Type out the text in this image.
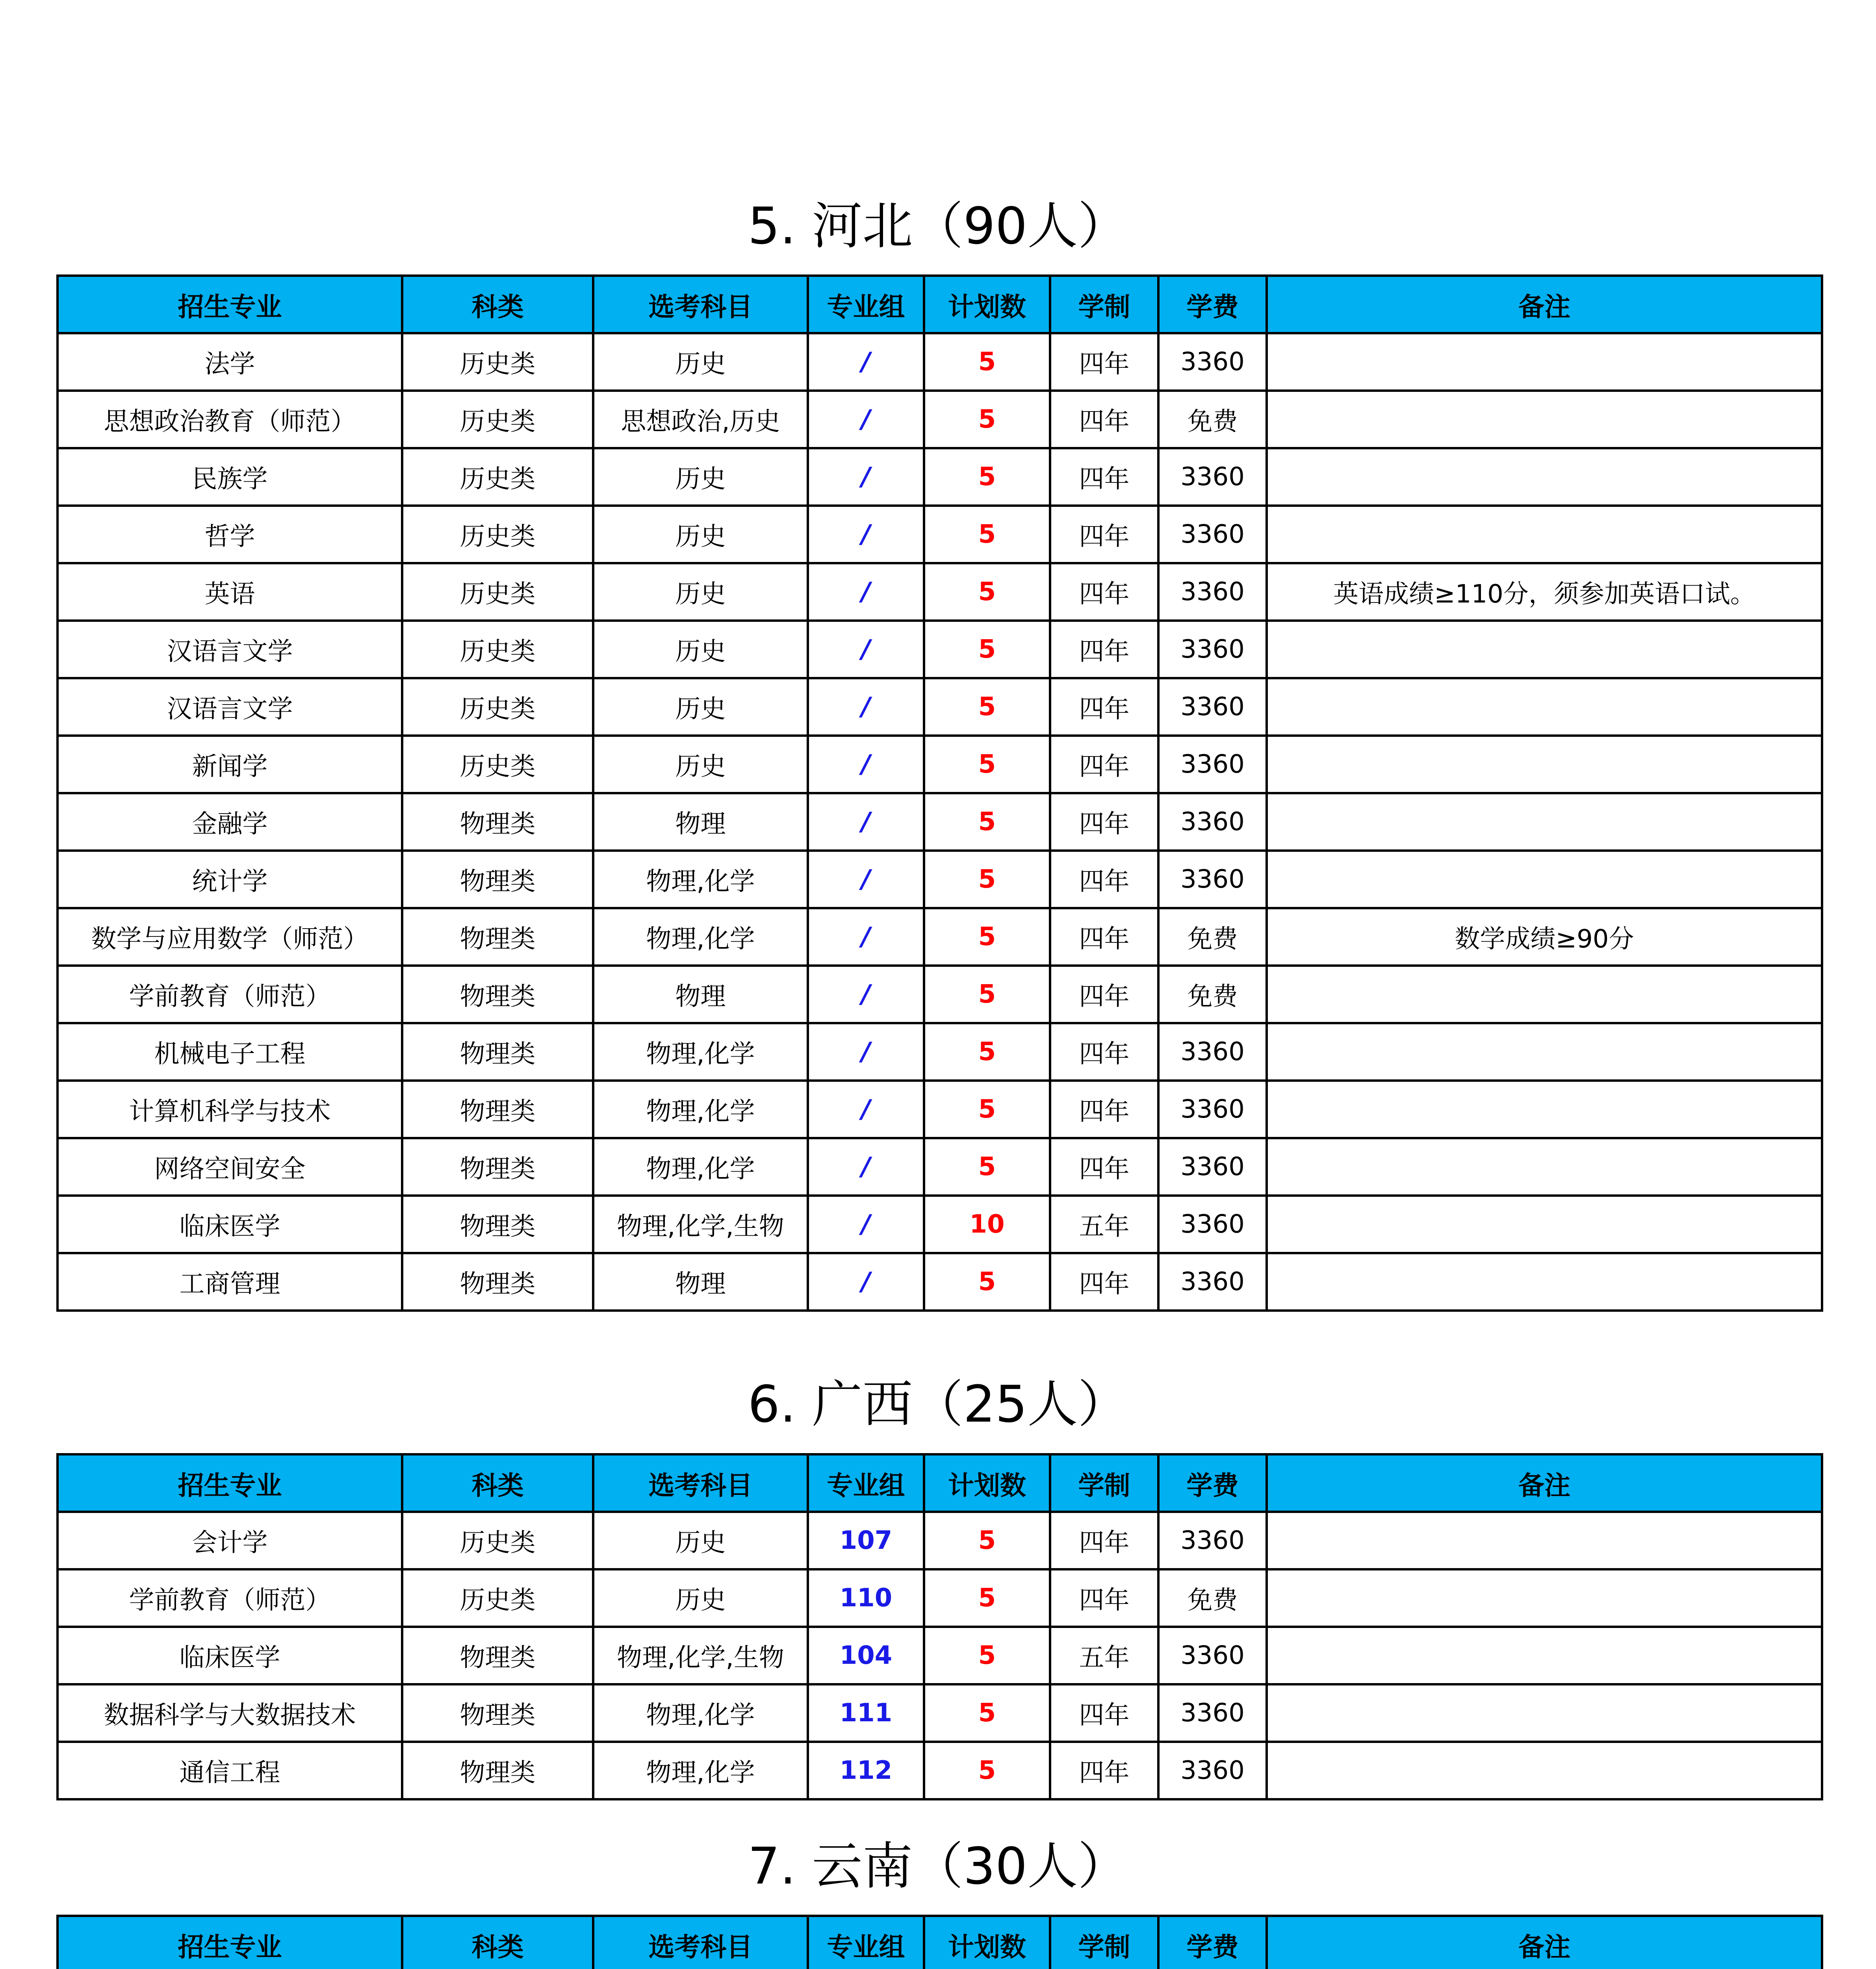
5. 河北（90人）
招生专业	科类	选考科目	专业组	计划数	学制	学费	备注
法学	历史类	历史	/	5	四年	3360	
思想政治教育（师范）	历史类	思想政治,历史	/	5	四年	免费	
民族学	历史类	历史	/	5	四年	3360	
哲学	历史类	历史	/	5	四年	3360	
英语	历史类	历史	/	5	四年	3360	英语成绩≥110分，须参加英语口试。
汉语言文学	历史类	历史	/	5	四年	3360	
汉语言文学	历史类	历史	/	5	四年	3360	
新闻学	历史类	历史	/	5	四年	3360	
金融学	物理类	物理	/	5	四年	3360	
统计学	物理类	物理,化学	/	5	四年	3360	
数学与应用数学（师范）	物理类	物理,化学	/	5	四年	免费	数学成绩≥90分
学前教育（师范）	物理类	物理	/	5	四年	免费	
机械电子工程	物理类	物理,化学	/	5	四年	3360	
计算机科学与技术	物理类	物理,化学	/	5	四年	3360	
网络空间安全	物理类	物理,化学	/	5	四年	3360	
临床医学	物理类	物理,化学,生物	/	10	五年	3360	
工商管理	物理类	物理	/	5	四年	3360	
6. 广西（25人）
招生专业	科类	选考科目	专业组	计划数	学制	学费	备注
会计学	历史类	历史	107	5	四年	3360	
学前教育（师范）	历史类	历史	110	5	四年	免费	
临床医学	物理类	物理,化学,生物	104	5	五年	3360	
数据科学与大数据技术	物理类	物理,化学	111	5	四年	3360	
通信工程	物理类	物理,化学	112	5	四年	3360	
7. 云南（30人）
招生专业	科类	选考科目	专业组	计划数	学制	学费	备注
